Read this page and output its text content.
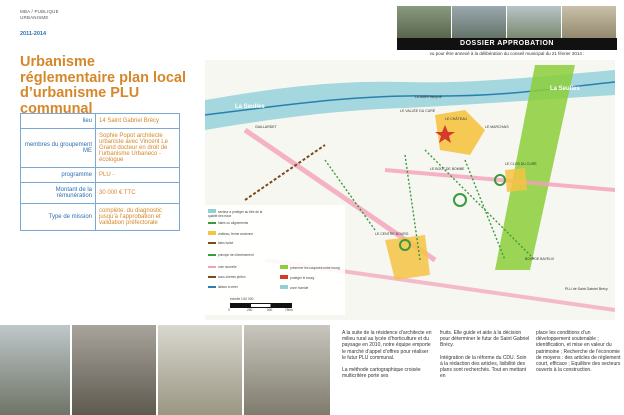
MBA / PUBLIQUE
URBANISME
2011-2014
Urbanisme réglementaire plan local d’urbanisme PLU communal
lieu	14 Saint Gabriel Brécy
membres du groupement ME	Sophie Popot architecte urbaniste avec Vincent Le Grand docteur en droit de l’urbanisme Urbaneco - écologue
programme	PLU -
Montant de la rémunération	30 000 € TTC
Type de mission	complète: du diagnostic jusqu’à l’approbation et validation préfectorale
DOSSIER APPROBATION
vu pour être annexé à la délibération du conseil municipal du 21 février 2014 :
La Seulles
La Seulles
LA MARTINIQUE
GAILLARDET
LE VALLÉE DU CURÉ
LE CHÂTEAU
LE MARCHAIS
LE BOUT DE BOMBE
LE CLOS DU CURÉ
LE CENTRE BOURG
BOIS DE BAYEUX
PLU de Saint Gabriel Brécy
secteur à protéger au titre de la qualité des eaux
haies ou alignements
château, ferme ancienne
talus boisé
principe de cheminement
voie nouvelle
sous chemin piéton
liaison à créer
préserver les coupures entre bourg
protéger le bourg
zone humide
échelle 1/10 000
0	250	500	750m
A la suite de la résidence d’architecte en milieu rural au lycée d’horticulture et du paysage en 2010, notre équipe emporte le marché d’appel d’offres pour réaliser le futur PLU communal.

La méthode cartographique croisée multicritère porte ses
fruits. Elle guide et aide à la décision pour déterminer le futur de Saint Gabriel Brécy.

Intégration de la réforme du CDU. Soin à la rédaction des articles, lisibilité des plans sont recherchés. Tout en mettant en
place les conditions d’un développement soutenable ; identification, et mise en valeur du patrimoine ; Recherche de l’économie de moyens : des articles de règlement court, efficace ; Equilibre des secteurs ouverts à la construction.
